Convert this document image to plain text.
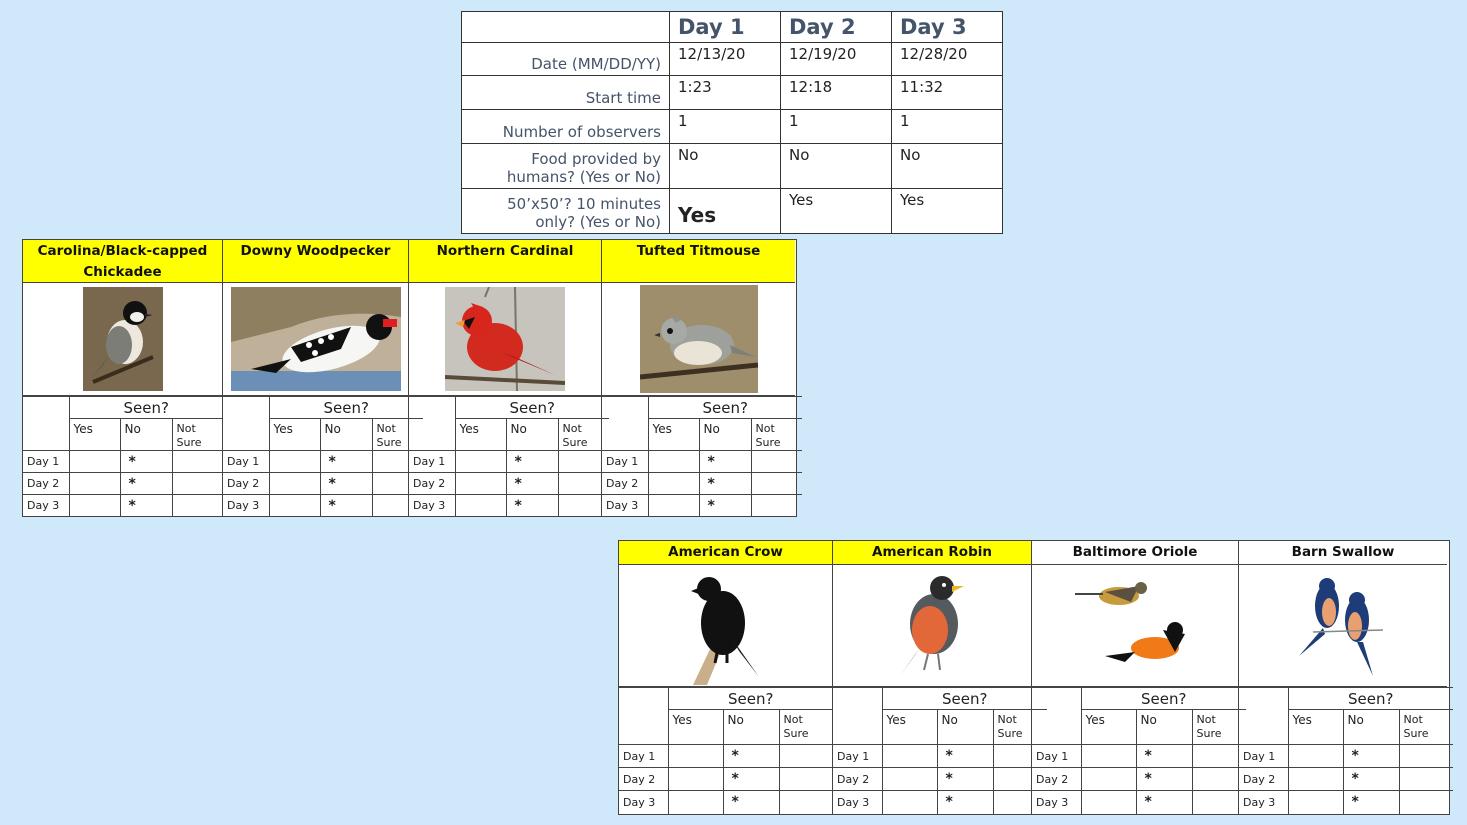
	Day 1	Day 2	Day 3
Date (MM/DD/YY)	12/13/20	12/19/20	12/28/20
Start time	1:23	12:18	11:32
Number of observers	1	1	1

Food provided by
humans? (Yes or No)	No	No	No

50’x50’? 10 minutes
only? (Yes or No)	Yes	Yes	Yes
Carolina/Black-capped
Chickadee
	Seen?		
	Yes	No	Not
Sure

Day 1		*	
Day 2		*	
Day 3		*	
Downy Woodpecker
	Seen?		
	Yes	No	Not
Sure

Day 1		*	
Day 2		*	
Day 3		*	
Northern Cardinal
	Seen?		
	Yes	No	Not
Sure

Day 1		*	
Day 2		*	
Day 3		*	
Tufted Titmouse
	Seen?		
	Yes	No	Not
Sure

Day 1		*	
Day 2		*	
Day 3		*	
American Crow
	Seen?		
	Yes	No	Not
Sure

Day 1		*	
Day 2		*	
Day 3		*	
American Robin
	Seen?		
	Yes	No	Not
Sure

Day 1		*	
Day 2		*	
Day 3		*	
Baltimore Oriole
	Seen?		
	Yes	No	Not
Sure

Day 1		*	
Day 2		*	
Day 3		*	
Barn Swallow
	Seen?		
	Yes	No	Not
Sure

Day 1		*	
Day 2		*	
Day 3		*	
